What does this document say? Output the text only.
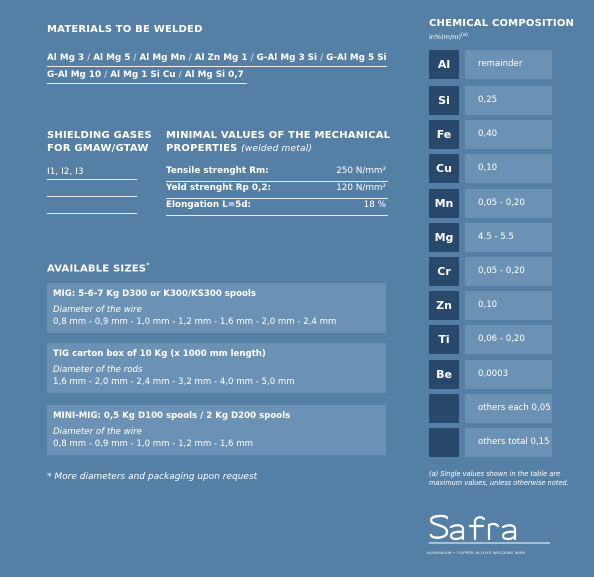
MATERIALS TO BE WELDED
Al Mg 3 / Al Mg 5 / Al Mg Mn / Al Zn Mg 1 / G-Al Mg 3 Si / G-Al Mg 5 Si
G-Al Mg 10 / Al Mg 1 Si Cu / Al Mg Si 0,7
SHIELDING GASES
FOR GMAW/GTAW
I1, I2, I3
MINIMAL VALUES OF THE MECHANICAL
PROPERTIES (welded metal)
Tensile strenght Rm:	250 N/mm²
Yeld strenght Rp 0,2:	120 N/mm²
Elongation L=5d:	18 %
AVAILABLE SIZES*
MIG: 5-6-7 Kg D300 or K300/KS300 spools
Diameter of the wire
0,8 mm - 0,9 mm - 1,0 mm - 1,2 mm - 1,6 mm - 2,0 mm - 2,4 mm
TIG carton box of 10 Kg (x 1000 mm length)
Diameter of the rods
1,6 mm - 2,0 mm - 2,4 mm - 3,2 mm - 4,0 mm - 5,0 mm
MINI-MIG: 0,5 Kg D100 spools / 2 Kg D200 spools
Diameter of the wire
0,8 mm - 0,9 mm - 1,0 mm - 1,2 mm - 1,6 mm
* More diameters and packaging upon request
CHEMICAL COMPOSITION
$in\%(m/m)^{(a)}$
Al	remainder
Si	0,25
Fe	0,40
Cu	0,10
Mn	0,05 - 0,20
Mg	4.5 - 5.5
Cr	0,05 - 0,20
Zn	0,10
Ti	0,06 - 0,20
Be	0,0003
others each 0,05
others total 0,15
(a) Single values shown in the table are maximum values, unless otherwise noted.
ALUMINIUM • COPPER ALLOYS WELDING WIRE
